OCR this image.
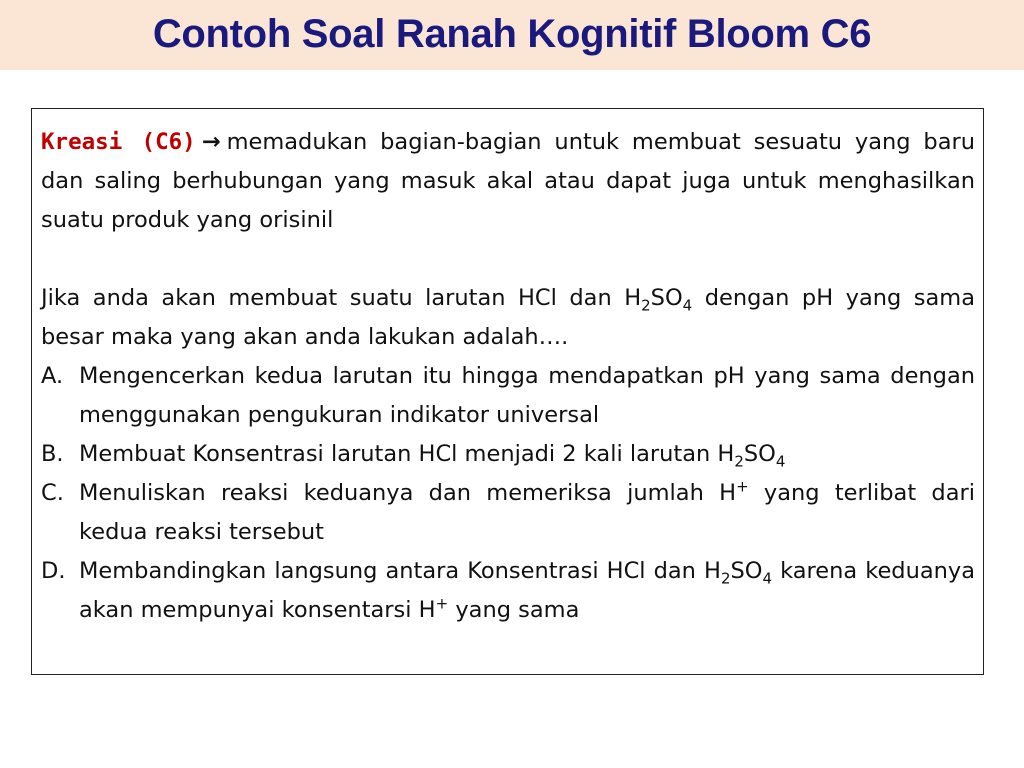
Contoh Soal Ranah Kognitif Bloom C6

Kreasi (C6) → memadukan bagian-bagian untuk membuat sesuatu yang baru dan saling berhubungan yang masuk akal atau dapat juga untuk menghasilkan suatu produk yang orisinil

Jika anda akan membuat suatu larutan HCl dan $H_2SO_4$ dengan pH yang sama besar maka yang akan anda lakukan adalah….

A. Mengencerkan kedua larutan itu hingga mendapatkan pH yang sama dengan menggunakan pengukuran indikator universal
B. Membuat Konsentrasi larutan HCl menjadi 2 kali larutan $H_2SO_4$
C. Menuliskan reaksi keduanya dan memeriksa jumlah H+ yang terlibat dari kedua reaksi tersebut
D. Membandingkan langsung antara Konsentrasi HCl dan $H_2SO_4$ karena keduanya akan mempunyai konsentarsi H+ yang sama
